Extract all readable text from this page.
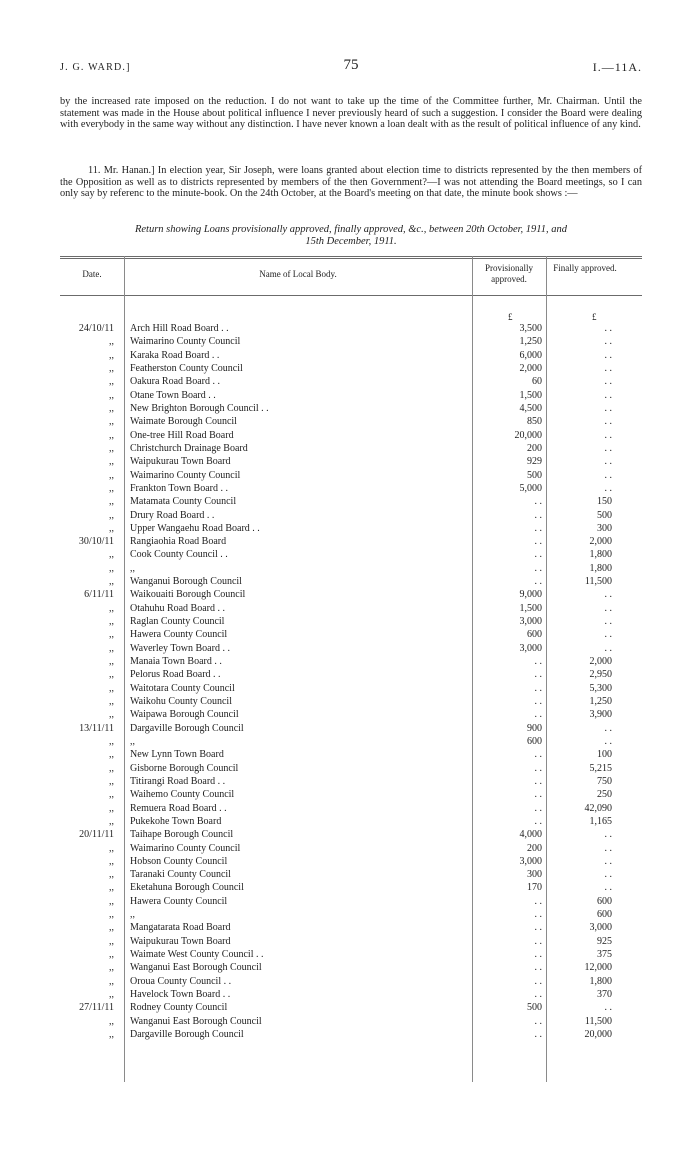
J. G. WARD.]	75	I.—11A.

by the increased rate imposed on the reduction. I do not want to take up the time of the Committee further, Mr. Chairman. Until the statement was made in the House about political influence I never previously heard of such a suggestion. I consider the Board were dealing with everybody in the same way without any distinction. I have never known a loan dealt with as the result of political influence of any kind.

11. Mr. Hanan.] In election year, Sir Joseph, were loans granted about election time to districts represented by the then members of the Opposition as well as to districts represented by members of the then Government?—I was not attending the Board meetings, so I can only say by referenc to the minute-book. On the 24th October, at the Board's meeting on that date, the minute book shows :—

Return showing Loans provisionally approved, finally approved, &c., between 20th October, 1911, and
15th December, 1911.
Date.	Name of Local Body.
Provisionally approved.
Finally approved.
£	£
24/10/11 Arch Hill Road Board . .	3,500	. .
,, Waimarino County Council	1,250	. .
,, Karaka Road Board . .	6,000	. .
,, Featherston County Council	2,000	. .
,, Oakura Road Board . .	60	. .
,, Otane Town Board . .	1,500	. .
,, New Brighton Borough Council . .	4,500	. .
,, Waimate Borough Council	850	. .
,, One-tree Hill Road Board	20,000	. .
,, Christchurch Drainage Board	200	. .
,, Waipukurau Town Board	929	. .
,, Waimarino County Council	500	. .
,, Frankton Town Board . .	5,000	. .
,, Matamata County Council	. .	150
,, Drury Road Board . .	. .	500
,, Upper Wangaehu Road Board . .	. .	300
30/10/11 Rangiaohia Road Board	. .	2,000
,, Cook County Council . .	. .	1,800
,, ,,	. .	1,800
,, Wanganui Borough Council	. .	11,500
6/11/11 Waikouaiti Borough Council	9,000	. .
,, Otahuhu Road Board . .	1,500	. .
,, Raglan County Council	3,000	. .
,, Hawera County Council	600	. .
,, Waverley Town Board . .	3,000	. .
,, Manaia Town Board . .	. .	2,000
,, Pelorus Road Board . .	. .	2,950
,, Waitotara County Council	. .	5,300
,, Waikohu County Council	. .	1,250
,, Waipawa Borough Council	. .	3,900
13/11/11 Dargaville Borough Council	900	. .
,, ,,	600	. .
,, New Lynn Town Board	. .	100
,, Gisborne Borough Council	. .	5,215
,, Titirangi Road Board . .	. .	750
,, Waihemo County Council	. .	250
,, Remuera Road Board . .	. .	42,090
,, Pukekohe Town Board	. .	1,165
20/11/11 Taihape Borough Council	4,000	. .
,, Waimarino County Council	200	. .
,, Hobson County Council	3,000	. .
,, Taranaki County Council	300	. .
,, Eketahuna Borough Council	170	. .
,, Hawera County Council	. .	600
,, ,,	. .	600
,, Mangatarata Road Board	. .	3,000
,, Waipukurau Town Board	. .	925
,, Waimate West County Council . .	. .	375
,, Wanganui East Borough Council	. .	12,000
,, Oroua County Council . .	. .	1,800
,, Havelock Town Board . .	. .	370
27/11/11 Rodney County Council	500	. .
,, Wanganui East Borough Council	. .	11,500
,, Dargaville Borough Council	. .	20,000
